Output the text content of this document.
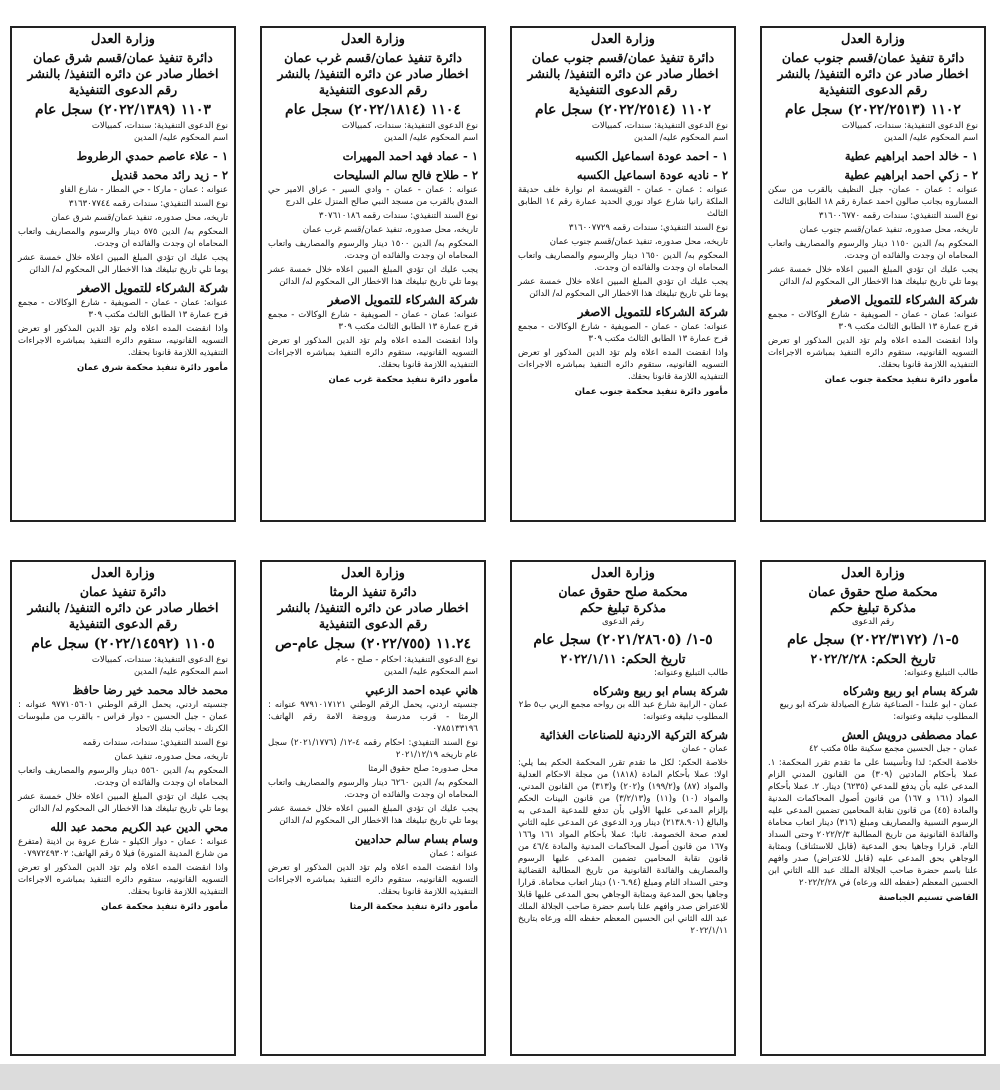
وزارة العدل
دائرة تنفيذ عمان/قسم جنوب عمان
اخطار صادر عن دائره التنفيذ/ بالنشر
رقم الدعوى التنفيذية
١١٠٢ (٢٠٢٢/٢٥١٣) سجل عام
نوع الدعوى التنفيذية: سندات، كمبيالات
اسم المحكوم عليه/ المدين
١ - خالد احمد ابراهيم عطية
٢ - زكي احمد ابراهيم عطية
عنوانه : عمان - عمان- جبل النظيف بالقرب من سكن المساروه بجانب صالون احمد عمارة رقم ١٨ الطابق الثالث
نوع السند التنفيذي: سندات رقمه ٣١٦٠٠٦٧٧٠
تاريخه، محل صدوره، تنفيذ عمان/قسم جنوب عمان
المحكوم به/ الدين ١١٥٠ دينار والرسوم والمصاريف واتعاب المحاماه ان وجدت والفائده ان وجدت.
يجب عليك ان تؤدي المبلغ المبين اعلاه خلال خمسة عشر يوما تلي تاريخ تبليغك هذا الاخطار الى المحكوم له/ الدائن
شركة الشركاء للتمويل الاصغر
عنوانه: عمان - عمان - الصويفية - شارع الوكالات - مجمع فرح عمارة ١٣ الطابق الثالث مكتب ٣٠٩
واذا انقضت المده اعلاه ولم تؤد الدين المذكور او تعرض التسويه القانونيه، ستقوم دائره التنفيذ بمباشره الاجراءات التنفيذيه اللازمة قانونا بحقك.
مأمور دائرة تنفيذ محكمة جنوب عمان
وزارة العدل
دائرة تنفيذ عمان/قسم جنوب عمان
اخطار صادر عن دائره التنفيذ/ بالنشر
رقم الدعوى التنفيذية
١١٠٢ (٢٠٢٢/٢٥١٤) سجل عام
نوع الدعوى التنفيذية: سندات، كمبيالات
اسم المحكوم عليه/ المدين
١ - احمد عودة اسماعيل الكسبه
٢ - ناديه عودة اسماعيل الكسبه
عنوانه : عمان - عمان - القويسمة ام نوارة خلف حديقة الملكة رانيا شارع عواد نوري الحديد عمارة رقم ١٤ الطابق الثالث
نوع السند التنفيذي: سندات رقمه ٣١٦٠٠٧٧٢٩
تاريخه، محل صدوره، تنفيذ عمان/قسم جنوب عمان
المحكوم به/ الدين ١٦٥٠ دينار والرسوم والمصاريف واتعاب المحاماه ان وجدت والفائده ان وجدت.
يجب عليك ان تؤدي المبلغ المبين اعلاه خلال خمسة عشر يوما تلي تاريخ تبليغك هذا الاخطار الى المحكوم له/ الدائن
شركة الشركاء للتمويل الاصغر
عنوانه: عمان - عمان - الصويفية - شارع الوكالات - مجمع فرح عمارة ١٣ الطابق الثالث مكتب ٣٠٩
واذا انقضت المده اعلاه ولم تؤد الدين المذكور او تعرض التسويه القانونيه، ستقوم دائره التنفيذ بمباشره الاجراءات التنفيذيه اللازمة قانونا بحقك.
مأمور دائرة تنفيذ محكمة جنوب عمان
وزارة العدل
دائرة تنفيذ عمان/قسم غرب عمان
اخطار صادر عن دائره التنفيذ/ بالنشر
رقم الدعوى التنفيذية
١١٠٤ (٢٠٢٢/١٨١٤) سجل عام
نوع الدعوى التنفيذية: سندات، كمبيالات
اسم المحكوم عليه/ المدين
١ - عماد فهد احمد المهيرات
٢ - طلاح فالح سالم السليحات
عنوانه : عمان - عمان - وادي السير - عراق الامير حي المدق بالقرب من مسجد النبي صالح المنزل على الدرج
نوع السند التنفيذي: سندات رقمه ٣٠٧٦١٠١٨٦
تاريخه، محل صدوره، تنفيذ عمان/قسم غرب عمان
المحكوم به/ الدين ١٥٠٠ دينار والرسوم والمصاريف واتعاب المحاماه ان وجدت والفائده ان وجدت.
يجب عليك ان تؤدي المبلغ المبين اعلاه خلال خمسة عشر يوما تلي تاريخ تبليغك هذا الاخطار الى المحكوم له/ الدائن
شركة الشركاء للتمويل الاصغر
عنوانه: عمان - عمان - الصويفية - شارع الوكالات - مجمع فرح عمارة ١٣ الطابق الثالث مكتب ٣٠٩
واذا انقضت المده اعلاه ولم تؤد الدين المذكور او تعرض التسويه القانونيه، ستقوم دائره التنفيذ بمباشره الاجراءات التنفيذيه اللازمة قانونا بحقك.
مأمور دائرة تنفيذ محكمة غرب عمان
وزارة العدل
دائرة تنفيذ عمان/قسم شرق عمان
اخطار صادر عن دائره التنفيذ/ بالنشر
رقم الدعوى التنفيذية
١١٠٣ (٢٠٢٢/١٣٨٩) سجل عام
نوع الدعوى التنفيذية: سندات، كمبيالات
اسم المحكوم عليه/ المدين
١ - علاء عاصم حمدي الرطروط
٢ - زيد رائد محمد قنديل
عنوانه : عمان - ماركا - حي المطار - شارع الفاو
نوع السند التنفيذي: سندات رقمه ٣١٦٣٠٧٧٤٤
تاريخه، محل صدوره، تنفيذ عمان/قسم شرق عمان
المحكوم به/ الدين ٥٧٥ دينار والرسوم والمصاريف واتعاب المحاماه ان وجدت والفائده ان وجدت.
يجب عليك ان تؤدي المبلغ المبين اعلاه خلال خمسة عشر يوما تلي تاريخ تبليغك هذا الاخطار الى المحكوم له/ الدائن
شركة الشركاء للتمويل الاصغر
عنوانه: عمان - عمان - الصويفية - شارع الوكالات - مجمع فرح عمارة ١٣ الطابق الثالث مكتب ٣٠٩
واذا انقضت المده اعلاه ولم تؤد الدين المذكور او تعرض التسويه القانونيه، ستقوم دائره التنفيذ بمباشره الاجراءات التنفيذيه اللازمة قانونا بحقك.
مأمور دائرة تنفيذ محكمة شرق عمان
وزارة العدل
محكمة صلح حقوق عمان
مذكرة تبليغ حكم
رقم الدعوى
٥-١/ (٢٠٢٢/٣١٧٢) سجل عام
تاريخ الحكم: ٢٠٢٢/٢/٢٨
طالب التبليغ وعنوانه:
شركة بسام ابو ربيع وشركاه
عمان - ابو علندا - الصناعية شارع الصيادلة شركة ابو ربيع
المطلوب تبليغه وعنوانه:
عماد مصطفى درويش العش
عمان - جبل الحسين مجمع سكينة طا٥ مكتب ٤٢
خلاصة الحكم: لذا وتأسيسا على ما تقدم تقرر المحكمة: ١. عملا بأحكام المادتين (٣٠٩) من القانون المدني الزام المدعى عليه بأن يدفع للمدعي (٦٢٣٥) دينار. ٢. عملا بأحكام المواد (١٦١ و ١٦٧) من قانون أصول المحاكمات المدنية والمادة (٤٥) من قانون نقابة المحامين تضمين المدعى عليه الرسوم النسبية والمصاريف ومبلغ (٣١٦) دينار اتعاب محاماة والفائدة القانونية من تاريخ المطالبة ٢٠٢٢/٢/٣ وحتى السداد التام. قرارا وجاهيا بحق المدعية (قابل للاستئناف) وبمثابة الوجاهي بحق المدعى عليه (قابل للاعتراض) صدر وافهم علنا باسم حضرة صاحب الجلالة الملك عبد الله الثاني ابن الحسين المعظم (حفظه الله ورعاه) في ٢٠٢٢/٢/٢٨
القاضي تسنيم الجباصنة
وزارة العدل
محكمة صلح حقوق عمان
مذكرة تبليغ حكم
رقم الدعوى
٥-١/ (٢٠٢١/٢٨٦٠٥) سجل عام
تاريخ الحكم: ٢٠٢٢/١/١١
طالب التبليغ وعنوانه:
شركة بسام ابو ربيع وشركاه
عمان - الرابية شارع عبد الله بن رواحه مجمع الربي ب٥ ط٢
المطلوب تبليغه وعنوانه:
شركة التركية الاردنية للصناعات الغذائية
عمان - عمان
خلاصة الحكم: لكل ما تقدم تقرر المحكمة الحكم بما يلي: اولا: عملا بأحكام المادة (١٨١٨) من مجلة الاحكام العدلية والمواد (٨٧) و(١٩٩/٢) و(٢٠٢) و(٣١٣) من القانون المدني، والمواد (١٠) و(١١) و(٣/٢/١٣) من قانون البينات الحكم بإلزام المدعى عليها الأولى بأن تدفع للمدعية المدعى به والبالغ (٢١٣٨.٩٠١) دينار ورد الدعوى عن المدعى عليه الثاني لعدم صحة الخصومة. ثانيا: عملا بأحكام المواد ١٦١ و١٦٦ و١٦٧ من قانون أصول المحاكمات المدنية والمادة ٤٦/٤ من قانون نقابة المحامين تضمين المدعى عليها الرسوم والمصاريف والفائدة القانونية من تاريخ المطالبة القضائية وحتى السداد التام ومبلغ (١٠٦.٩٤) دينار اتعاب محاماة. قرارا وجاهيا بحق المدعية وبمثابة الوجاهي بحق المدعى عليها قابلا للاعتراض صدر وافهم علنا باسم حضرة صاحب الجلالة الملك عبد الله الثاني ابن الحسين المعظم حفظه الله ورعاه بتاريخ ٢٠٢٢/١/١١
وزارة العدل
دائرة تنفيذ الرمثا
اخطار صادر عن دائره التنفيذ/ بالنشر
رقم الدعوى التنفيذية
١١.٢٤ (٢٠٢٢/٧٥٥) سجل عام-ص
نوع الدعوى التنفيذية: احكام - صلح - عام
اسم المحكوم عليه/ المدين
هاني عبده احمد الزعبي
جنسيته اردني، يحمل الرقم الوطني ٩٧٩١٠١٧١٢١ عنوانه : الرمثا - قرب مدرسة وروضة الامة رقم الهاتف: ٠٧٨٥١٣٣١٩٦
نوع السند التنفيذي: احكام رقمه ٤-١٢/ (٢٠٢١/١٧٧٦) سجل عام تاريخه ٢٠٢١/١٢/١٩
محل صدوره: صلح حقوق الرمثا
المحكوم به/ الدين ٦٢٦٠ دينار والرسوم والمصاريف واتعاب المحاماه ان وجدت والفائده ان وجدت.
يجب عليك ان تؤدي المبلغ المبين اعلاه خلال خمسة عشر يوما تلي تاريخ تبليغك هذا الاخطار الى المحكوم له/ الدائن
وسام بسام سالم حداديين
عنوانه : عمان
واذا انقضت المده اعلاه ولم تؤد الدين المذكور او تعرض التسويه القانونيه، ستقوم دائره التنفيذ بمباشره الاجراءات التنفيذيه اللازمة قانونا بحقك.
مأمور دائرة تنفيذ محكمة الرمثا
وزارة العدل
دائرة تنفيذ عمان
اخطار صادر عن دائره التنفيذ/ بالنشر
رقم الدعوى التنفيذية
١١٠٥ (٢٠٢٢/١٤٥٩٢) سجل عام
نوع الدعوى التنفيذية: سندات، كمبيالات
اسم المحكوم عليه/ المدين
محمد خالد محمد خير رضا حافظ
جنسيته اردني، يحمل الرقم الوطني ٩٧٧١٠٥٦٠١ عنوانه : عمان - جبل الحسين - دوار فراس - بالقرب من ملبوسات الكرنك - بجانب بنك الاتحاد
نوع السند التنفيذي: سندات، سندات رقمه
تاريخه، محل صدوره، تنفيذ عمان
المحكوم به/ الدين ٥٥٦٠ دينار والرسوم والمصاريف واتعاب المحاماه ان وجدت والفائده ان وجدت.
يجب عليك ان تؤدي المبلغ المبين اعلاه خلال خمسة عشر يوما تلي تاريخ تبليغك هذا الاخطار الى المحكوم له/ الدائن
محي الدين عبد الكريم محمد عبد الله
عنوانه : عمان - دوار الكيلو - شارع عروة بن اذينة (متفرع من شارع المدينة المنورة) فيلا ٥ رقم الهاتف: ٠٧٩٧٢٤٩٣٠٢
واذا انقضت المده اعلاه ولم تؤد الدين المذكور او تعرض التسويه القانونيه، ستقوم دائره التنفيذ بمباشره الاجراءات التنفيذيه اللازمة قانونا بحقك.
مأمور دائرة تنفيذ محكمة عمان
